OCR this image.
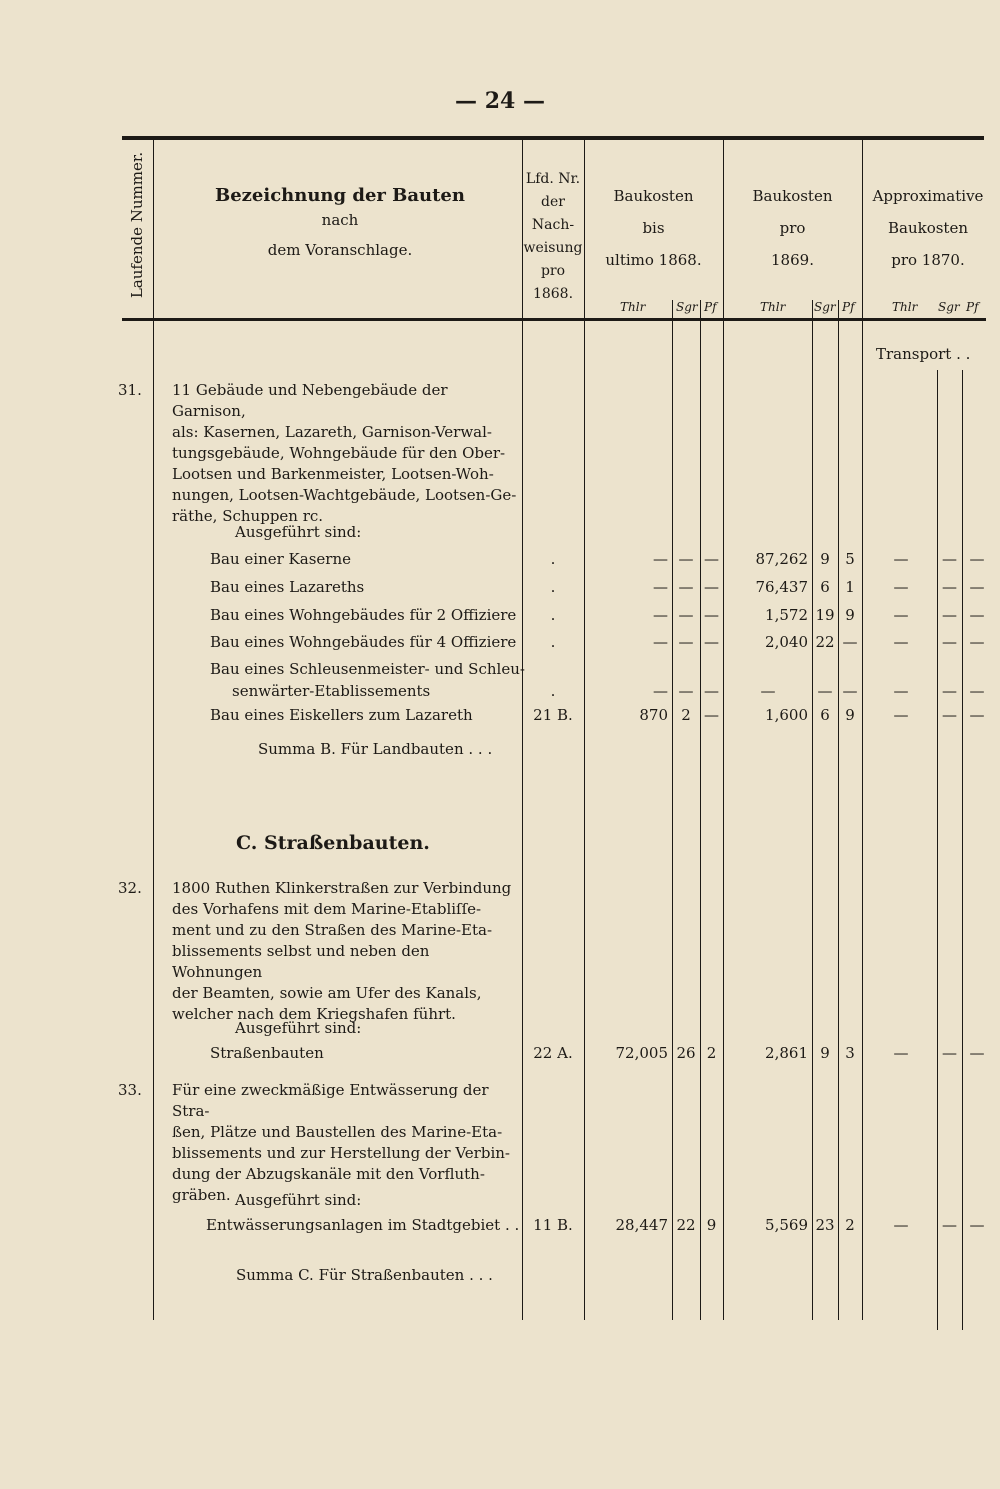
— 24 —
Laufende Nummer.	Bezeichnung der Bauten
nach
dem Voranschlage.
Lfd. Nr.
der
Nach-
weisung
pro
1868.
Baukosten
bis
ultimo 1868.
Baukosten
pro
1869.
Approximative
Baukosten
pro 1870.
Thlr	Sgr Pf	Thlr Sgr Pf	Thlr Sgr Pf
Transport . .
31. 11 Gebäude und Nebengebäude der Garnison,
als: Kasernen, Lazareth, Garnison-Verwal-
tungsgebäude, Wohngebäude für den Ober-
Lootsen und Barkenmeister, Lootsen-Woh-
nungen, Lootsen-Wachtgebäude, Lootsen-Ge-
räthe, Schuppen rc.
Ausgeführt sind:
Bau einer Kaserne	.	— — —	87,262 9	5	—	— —
Bau eines Lazareths	.	— — —	76,437 6	1	—	— —
Bau eines Wohngebäudes für 2 Offiziere	.	— — —	1,572 19 9	—	— —
Bau eines Wohngebäudes für 4 Offiziere	.	— — —	2,040 22 —	—	— —
Bau eines Schleusenmeister- und Schleu-
senwärter-Etablissements	.	— — —	—	— —	—	— —
Bau eines Eiskellers zum Lazareth	21 B.	870 2 —	1,600 6	9	—	— —
Summa B. Für Landbauten . . .
C. Straßenbauten.
32. 1800 Ruthen Klinkerstraßen zur Verbindung
des Vorhafens mit dem Marine-Etabliſſe-
ment und zu den Straßen des Marine-Eta-
blissements selbst und neben den Wohnungen
der Beamten, sowie am Ufer des Kanals,
welcher nach dem Kriegshafen führt.
Ausgeführt sind:
Straßenbauten	22 A.	72,005 26 2	2,861 9	3	—	— —
33. Für eine zweckmäßige Entwässerung der Stra-
ßen, Plätze und Baustellen des Marine-Eta-
blissements und zur Herstellung der Verbin-
dung der Abzugskanäle mit den Vorfluth-
gräben. Ausgeführt sind:
Entwässerungsanlagen im Stadtgebiet . . 11 B.	28,447 22 9	5,569 23 2	—	— —
Summa C. Für Straßenbauten . . .
